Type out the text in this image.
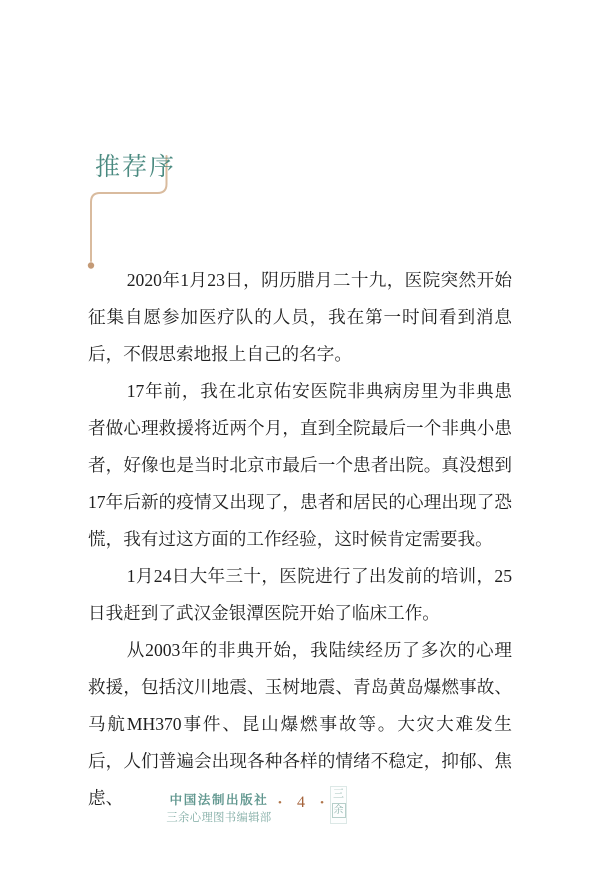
推荐序

2020年1月23日，阴历腊月二十九，医院突然开始征集自愿参加医疗队的人员，我在第一时间看到消息后，不假思索地报上自己的名字。

17年前，我在北京佑安医院非典病房里为非典患者做心理救援将近两个月，直到全院最后一个非典小患者，好像也是当时北京市最后一个患者出院。真没想到17年后新的疫情又出现了，患者和居民的心理出现了恐慌，我有过这方面的工作经验，这时候肯定需要我。

1月24日大年三十，医院进行了出发前的培训，25日我赶到了武汉金银潭医院开始了临床工作。

从2003年的非典开始，我陆续经历了多次的心理救援，包括汶川地震、玉树地震、青岛黄岛爆燃事故、马航MH370事件、昆山爆燃事故等。大灾大难发生后，人们普遍会出现各种各样的情绪不稳定，抑郁、焦虑、	中国法制出版社
三余心理图书编辑部
• 4 •
三
余
